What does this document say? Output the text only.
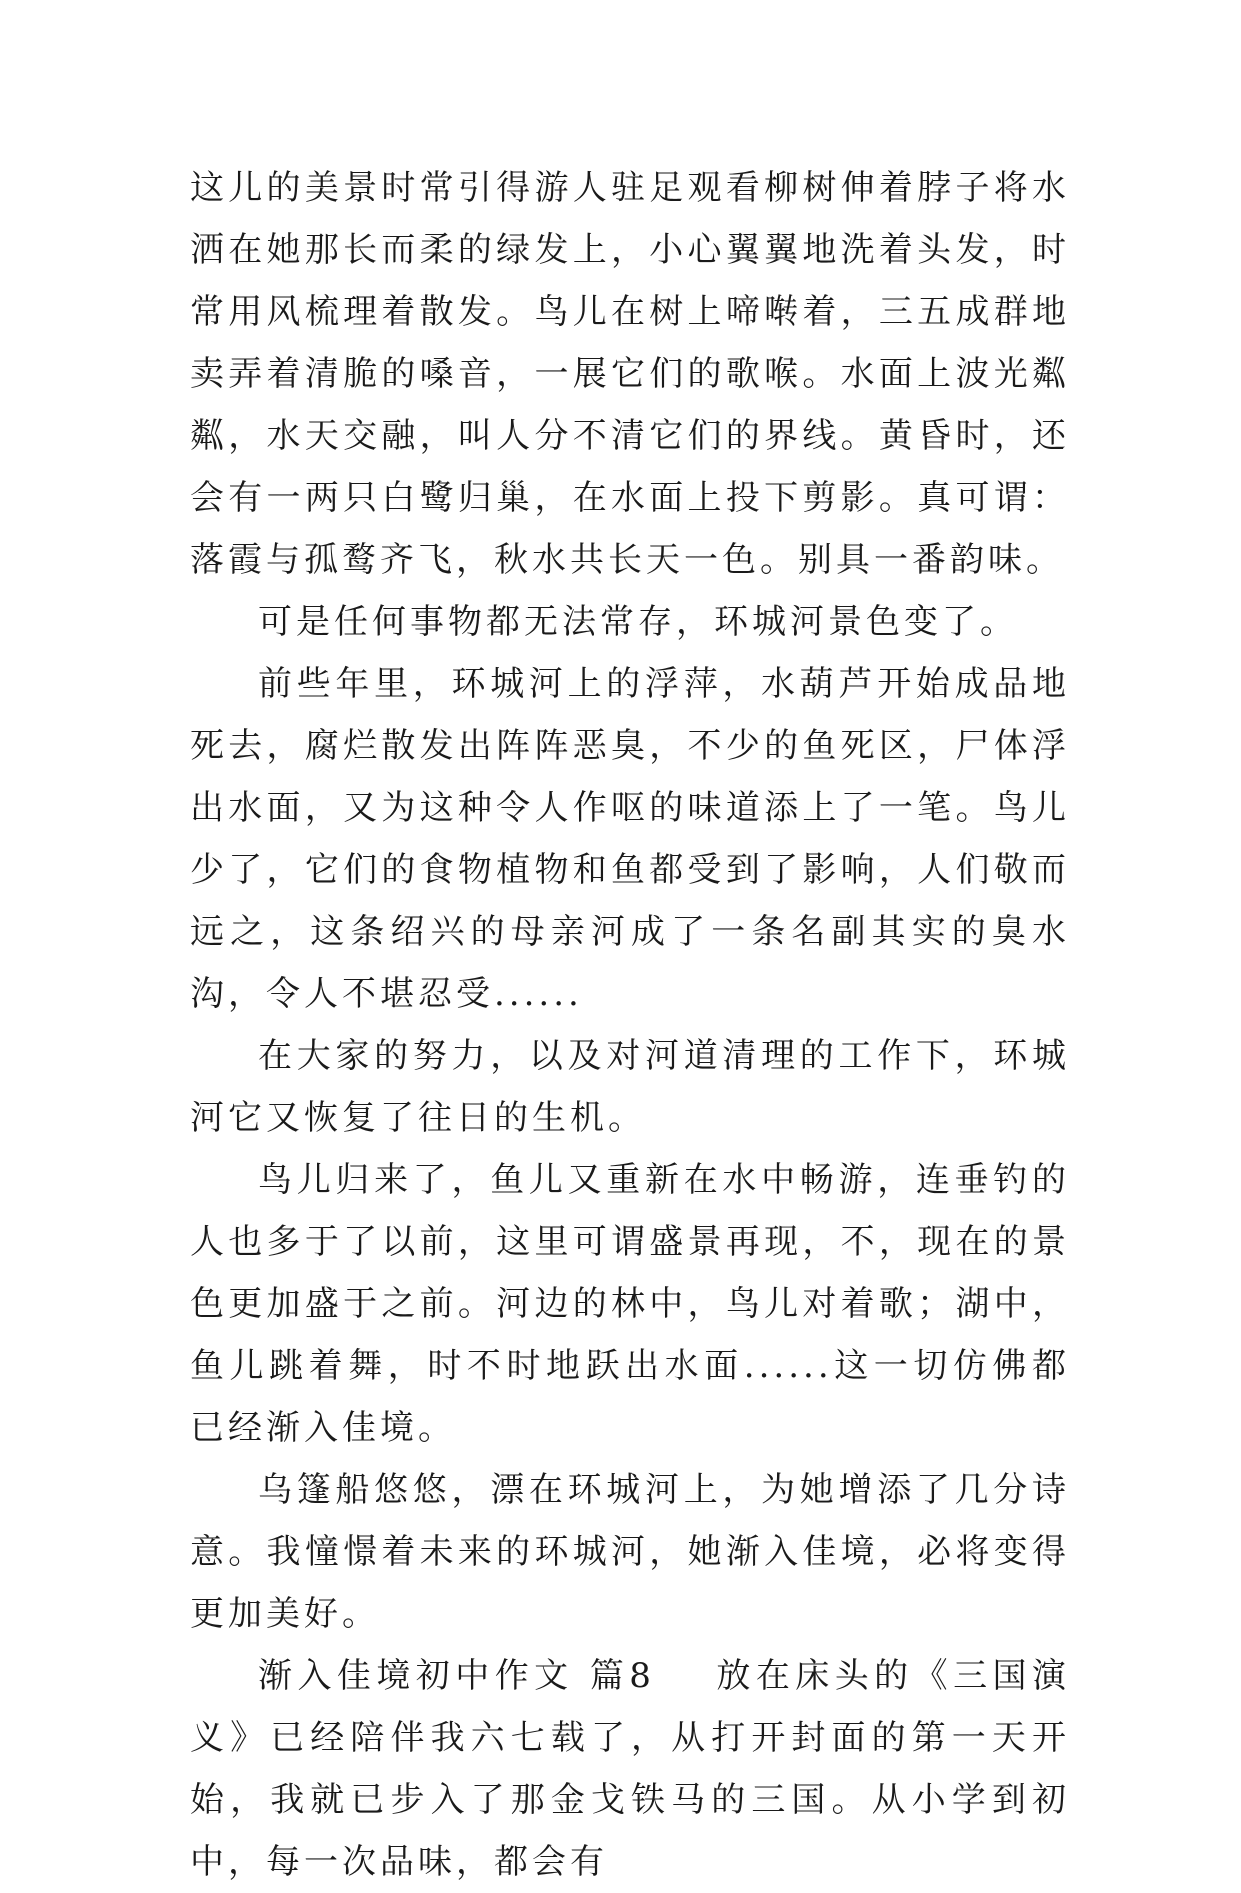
这儿的美景时常引得游人驻足观看柳树伸着脖子将水洒在她那长而柔的绿发上，小心翼翼地洗着头发，时常用风梳理着散发。鸟儿在树上啼啭着，三五成群地卖弄着清脆的嗓音，一展它们的歌喉。水面上波光粼粼，水天交融，叫人分不清它们的界线。黄昏时，还会有一两只白鹭归巢，在水面上投下剪影。真可谓：落霞与孤鹜齐飞，秋水共长天一色。别具一番韵味。

可是任何事物都无法常存，环城河景色变了。

前些年里，环城河上的浮萍，水葫芦开始成品地死去，腐烂散发出阵阵恶臭，不少的鱼死区，尸体浮出水面，又为这种令人作呕的味道添上了一笔。鸟儿少了，它们的食物植物和鱼都受到了影响，人们敬而远之，这条绍兴的母亲河成了一条名副其实的臭水沟，令人不堪忍受......

在大家的努力，以及对河道清理的工作下，环城河它又恢复了往日的生机。

鸟儿归来了，鱼儿又重新在水中畅游，连垂钓的人也多于了以前，这里可谓盛景再现，不，现在的景色更加盛于之前。河边的林中，鸟儿对着歌；湖中，鱼儿跳着舞，时不时地跃出水面......这一切仿佛都已经渐入佳境。

乌篷船悠悠，漂在环城河上，为她增添了几分诗意。我憧憬着未来的环城河，她渐入佳境，必将变得更加美好。

渐入佳境初中作文 篇8 放在床头的《三国演义》已经陪伴我六七载了，从打开封面的第一天开始，我就已步入了那金戈铁马的三国。从小学到初中，每一次品味，都会有
